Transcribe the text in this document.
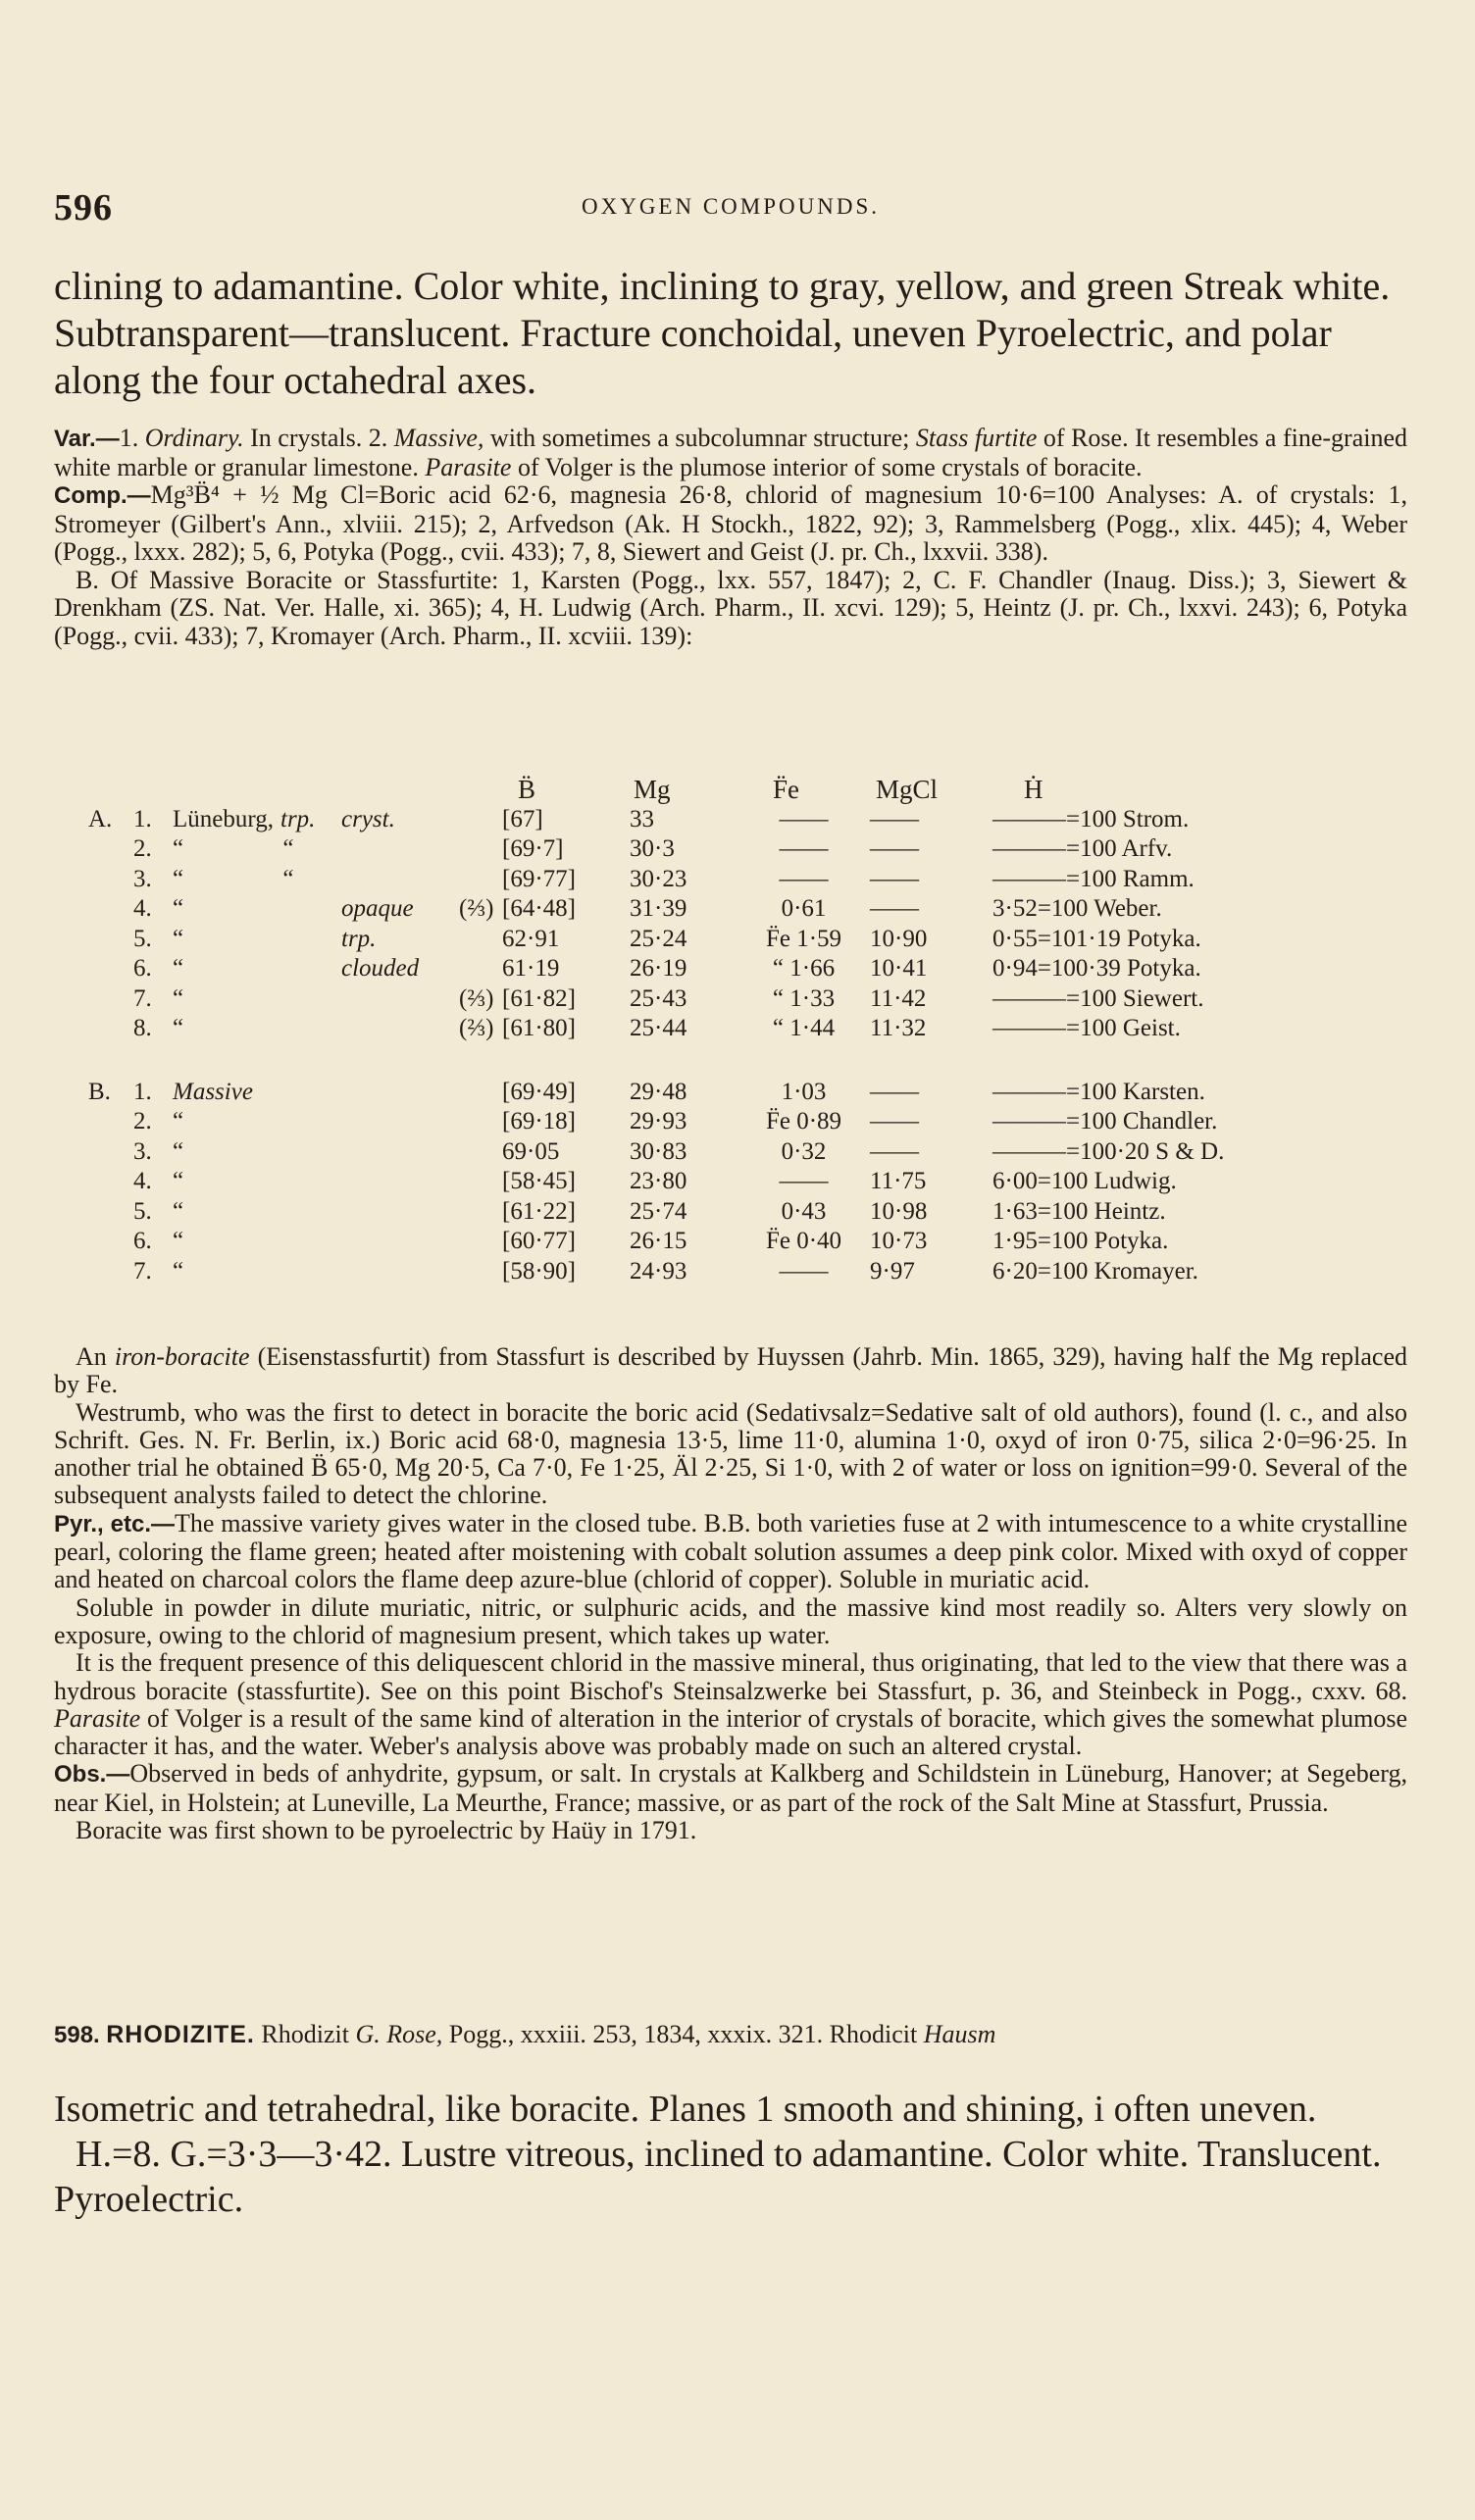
596	OXYGEN COMPOUNDS.
clining to adamantine. Color white, inclining to gray, yellow, and green Streak white. Subtransparent—translucent. Fracture conchoidal, uneven Pyroelectric, and polar along the four octahedral axes.

Var.—1. Ordinary. In crystals. 2. Massive, with sometimes a subcolumnar structure; Stass furtite of Rose. It resembles a fine-grained white marble or granular limestone. Parasite of Volger is the plumose interior of some crystals of boracite.

Comp.—Mg³B̈⁴ + ½ Mg Cl=Boric acid 62·6, magnesia 26·8, chlorid of magnesium 10·6=100 Analyses: A. of crystals: 1, Stromeyer (Gilbert's Ann., xlviii. 215); 2, Arfvedson (Ak. H Stockh., 1822, 92); 3, Rammelsberg (Pogg., xlix. 445); 4, Weber (Pogg., lxxx. 282); 5, 6, Potyka (Pogg., cvii. 433); 7, 8, Siewert and Geist (J. pr. Ch., lxxvii. 338).

B. Of Massive Boracite or Stassfurtite: 1, Karsten (Pogg., lxx. 557, 1847); 2, C. F. Chandler (Inaug. Diss.); 3, Siewert & Drenkham (ZS. Nat. Ver. Halle, xi. 365); 4, H. Ludwig (Arch. Pharm., II. xcvi. 129); 5, Heintz (J. pr. Ch., lxxvi. 243); 6, Potyka (Pogg., cvii. 433); 7, Kromayer (Arch. Pharm., II. xcviii. 139):

						B̈	Mg	F̈e	MgCl	Ḣ
A.	1.	Lüneburg,	trp.	cryst.		[67]	33	——	——	———=100 Strom.
	2.	“	“			[69·7]	30·3	——	——	———=100 Arfv.
	3.	“	“			[69·77]	30·23	——	——	———=100 Ramm.
	4.	“		opaque	(⅔)	[64·48]	31·39	0·61	——	3·52=100 Weber.
	5.	“		trp.		62·91	25·24	F̈e 1·59	10·90	0·55=101·19 Potyka.
	6.	“		clouded		61·19	26·19	“ 1·66	10·41	0·94=100·39 Potyka.
	7.	“			(⅔)	[61·82]	25·43	“ 1·33	11·42	———=100 Siewert.
	8.	“			(⅔)	[61·80]	25·44	“ 1·44	11·32	———=100 Geist.

B.	1.	Massive				[69·49]	29·48	1·03	——	———=100 Karsten.
	2.	“				[69·18]	29·93	F̈e 0·89	——	———=100 Chandler.
	3.	“				69·05	30·83	0·32	——	———=100·20 S & D.
	4.	“				[58·45]	23·80	——	11·75	6·00=100 Ludwig.
	5.	“				[61·22]	25·74	0·43	10·98	1·63=100 Heintz.
	6.	“				[60·77]	26·15	F̈e 0·40	10·73	1·95=100 Potyka.
	7.	“				[58·90]	24·93	——	9·97	6·20=100 Kromayer.

An iron-boracite (Eisenstassfurtit) from Stassfurt is described by Huyssen (Jahrb. Min. 1865, 329), having half the Mg replaced by Fe.

Westrumb, who was the first to detect in boracite the boric acid (Sedativsalz=Sedative salt of old authors), found (l. c., and also Schrift. Ges. N. Fr. Berlin, ix.) Boric acid 68·0, magnesia 13·5, lime 11·0, alumina 1·0, oxyd of iron 0·75, silica 2·0=96·25. In another trial he obtained B̈ 65·0, Mg 20·5, Ca 7·0, Fe 1·25, Äl 2·25, Si 1·0, with 2 of water or loss on ignition=99·0. Several of the subsequent analysts failed to detect the chlorine.

Pyr., etc.—The massive variety gives water in the closed tube. B.B. both varieties fuse at 2 with intumescence to a white crystalline pearl, coloring the flame green; heated after moistening with cobalt solution assumes a deep pink color. Mixed with oxyd of copper and heated on charcoal colors the flame deep azure-blue (chlorid of copper). Soluble in muriatic acid.

Soluble in powder in dilute muriatic, nitric, or sulphuric acids, and the massive kind most readily so. Alters very slowly on exposure, owing to the chlorid of magnesium present, which takes up water.

It is the frequent presence of this deliquescent chlorid in the massive mineral, thus originating, that led to the view that there was a hydrous boracite (stassfurtite). See on this point Bischof's Steinsalzwerke bei Stassfurt, p. 36, and Steinbeck in Pogg., cxxv. 68. Parasite of Volger is a result of the same kind of alteration in the interior of crystals of boracite, which gives the somewhat plumose character it has, and the water. Weber's analysis above was probably made on such an altered crystal.

Obs.—Observed in beds of anhydrite, gypsum, or salt. In crystals at Kalkberg and Schildstein in Lüneburg, Hanover; at Segeberg, near Kiel, in Holstein; at Luneville, La Meurthe, France; massive, or as part of the rock of the Salt Mine at Stassfurt, Prussia.

Boracite was first shown to be pyroelectric by Haüy in 1791.

598. RHODIZITE. Rhodizit G. Rose, Pogg., xxxiii. 253, 1834, xxxix. 321. Rhodicit Hausm

Isometric and tetrahedral, like boracite. Planes 1 smooth and shining, i often uneven.

H.=8. G.=3·3—3·42. Lustre vitreous, inclined to adamantine. Color white. Translucent. Pyroelectric.
